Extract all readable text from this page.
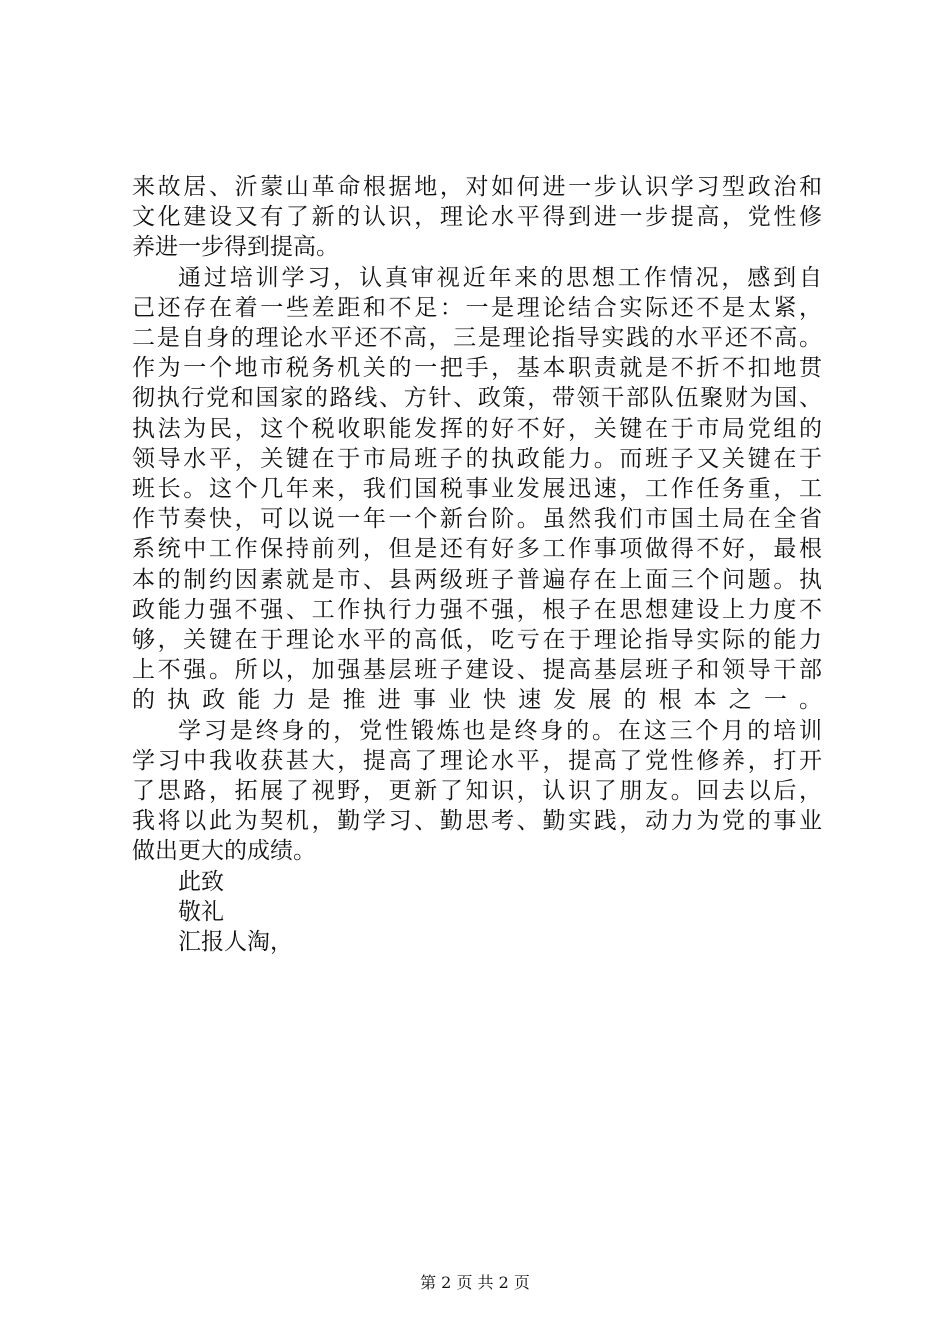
来故居、沂蒙山革命根据地，对如何进一步认识学习型政治和
文化建设又有了新的认识，理论水平得到进一步提高，党性修
养进一步得到提高。
通过培训学习，认真审视近年来的思想工作情况，感到自
己还存在着一些差距和不足：一是理论结合实际还不是太紧，
二是自身的理论水平还不高，三是理论指导实践的水平还不高。
作为一个地市税务机关的一把手，基本职责就是不折不扣地贯
彻执行党和国家的路线、方针、政策，带领干部队伍聚财为国、
执法为民，这个税收职能发挥的好不好，关键在于市局党组的
领导水平，关键在于市局班子的执政能力。而班子又关键在于
班长。这个几年来，我们国税事业发展迅速，工作任务重，工
作节奏快，可以说一年一个新台阶。虽然我们市国土局在全省
系统中工作保持前列，但是还有好多工作事项做得不好，最根
本的制约因素就是市、县两级班子普遍存在上面三个问题。执
政能力强不强、工作执行力强不强，根子在思想建设上力度不
够，关键在于理论水平的高低，吃亏在于理论指导实际的能力
上不强。所以，加强基层班子建设、提高基层班子和领导干部
的执政能力是推进事业快速发展的根本之一。
学习是终身的，党性锻炼也是终身的。在这三个月的培训
学习中我收获甚大，提高了理论水平，提高了党性修养，打开
了思路，拓展了视野，更新了知识，认识了朋友。回去以后，
我将以此为契机，勤学习、勤思考、勤实践，动力为党的事业
做出更大的成绩。
此致
敬礼
汇报人淘，
第 2 页 共 2 页
